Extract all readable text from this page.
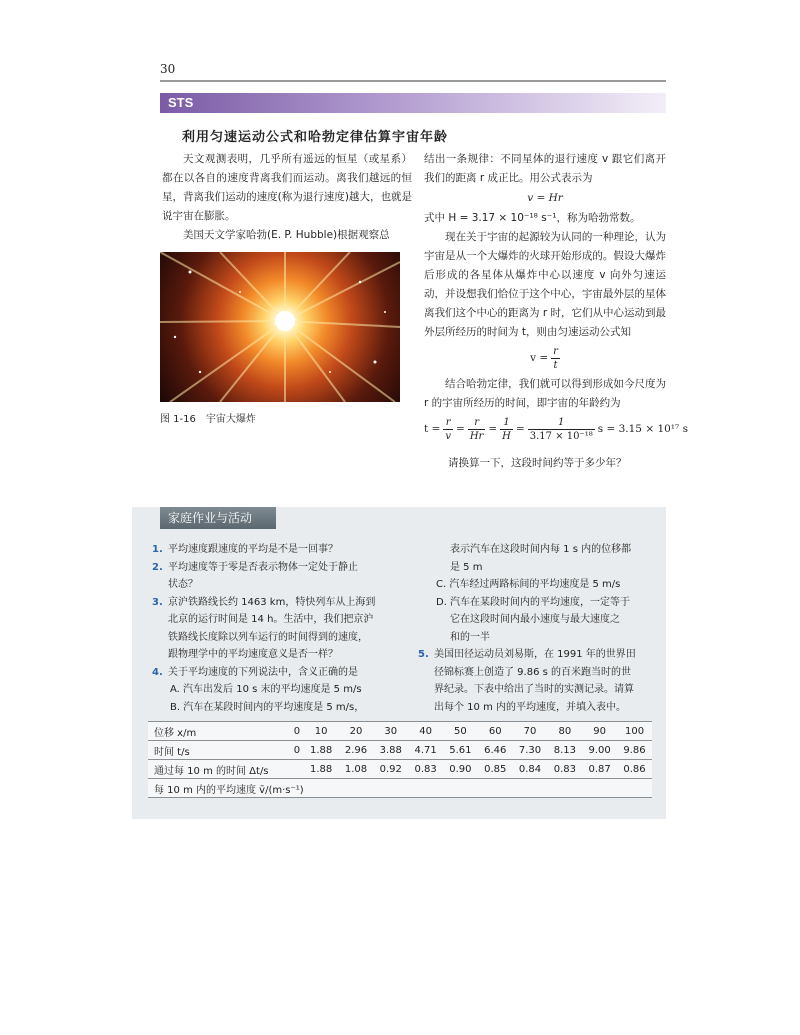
30
STS
利用匀速运动公式和哈勃定律估算宇宙年龄

天文观测表明，几乎所有遥远的恒星（或星系）都在以各自的速度背离我们而运动。离我们越远的恒星，背离我们运动的速度(称为退行速度)越大，也就是说宇宙在膨胀。

美国天文学家哈勃(E. P. Hubble)根据观察总

图 1-16　宇宙大爆炸

结出一条规律：不同星体的退行速度 v 跟它们离开我们的距离 r 成正比。用公式表示为

v = Hr

式中 H = 3.17 × 10⁻¹⁸ s⁻¹，称为哈勃常数。

现在关于宇宙的起源较为认同的一种理论，认为宇宙是从一个大爆炸的火球开始形成的。假设大爆炸后形成的各星体从爆炸中心以速度 v 向外匀速运动，并设想我们恰位于这个中心，宇宙最外层的星体离我们这个中心的距离为 r 时，它们从中心运动到最外层所经历的时间为 t，则由匀速运动公式知

$v = \frac{r}{t}$

结合哈勃定律，我们就可以得到形成如今尺度为 r 的宇宙所经历的时间，即宇宙的年龄约为

$t = \frac{r}{v} = \frac{r}{Hr} = \frac{1}{H} = \frac{1}{\text{3.17 × 10⁻¹⁸}}$ s = 3.15 × 10¹⁷ s
请换算一下，这段时间约等于多少年？
家庭作业与活动
1. 平均速度跟速度的平均是不是一回事？
2. 平均速度等于零是否表示物体一定处于静止
状态？
3. 京沪铁路线长约 1463 km，特快列车从上海到
北京的运行时间是 14 h。生活中，我们把京沪
铁路线长度除以列车运行的时间得到的速度，
跟物理学中的平均速度意义是否一样？
4. 关于平均速度的下列说法中，含义正确的是
A. 汽车出发后 10 s 末的平均速度是 5 m/s
B. 汽车在某段时间内的平均速度是 5 m/s，
表示汽车在这段时间内每 1 s 内的位移都
是 5 m
C. 汽车经过两路标间的平均速度是 5 m/s
D. 汽车在某段时间内的平均速度，一定等于
它在这段时间内最小速度与最大速度之
和的一半
5. 美国田径运动员刘易斯，在 1991 年的世界田
径锦标赛上创造了 9.86 s 的百米跑当时的世
界纪录。下表中给出了当时的实测记录。请算
出每个 10 m 内的平均速度，并填入表中。
位移 x/m	0	10	20	30	40	50	60	70	80	90	100
时间 t/s	0	1.88	2.96	3.88	4.71	5.61	6.46	7.30	8.13	9.00	9.86
通过每 10 m 的时间 Δt/s		1.88	1.08	0.92	0.83	0.90	0.85	0.84	0.83	0.87	0.86
每 10 m 内的平均速度 v̄/(m·s⁻¹)											
